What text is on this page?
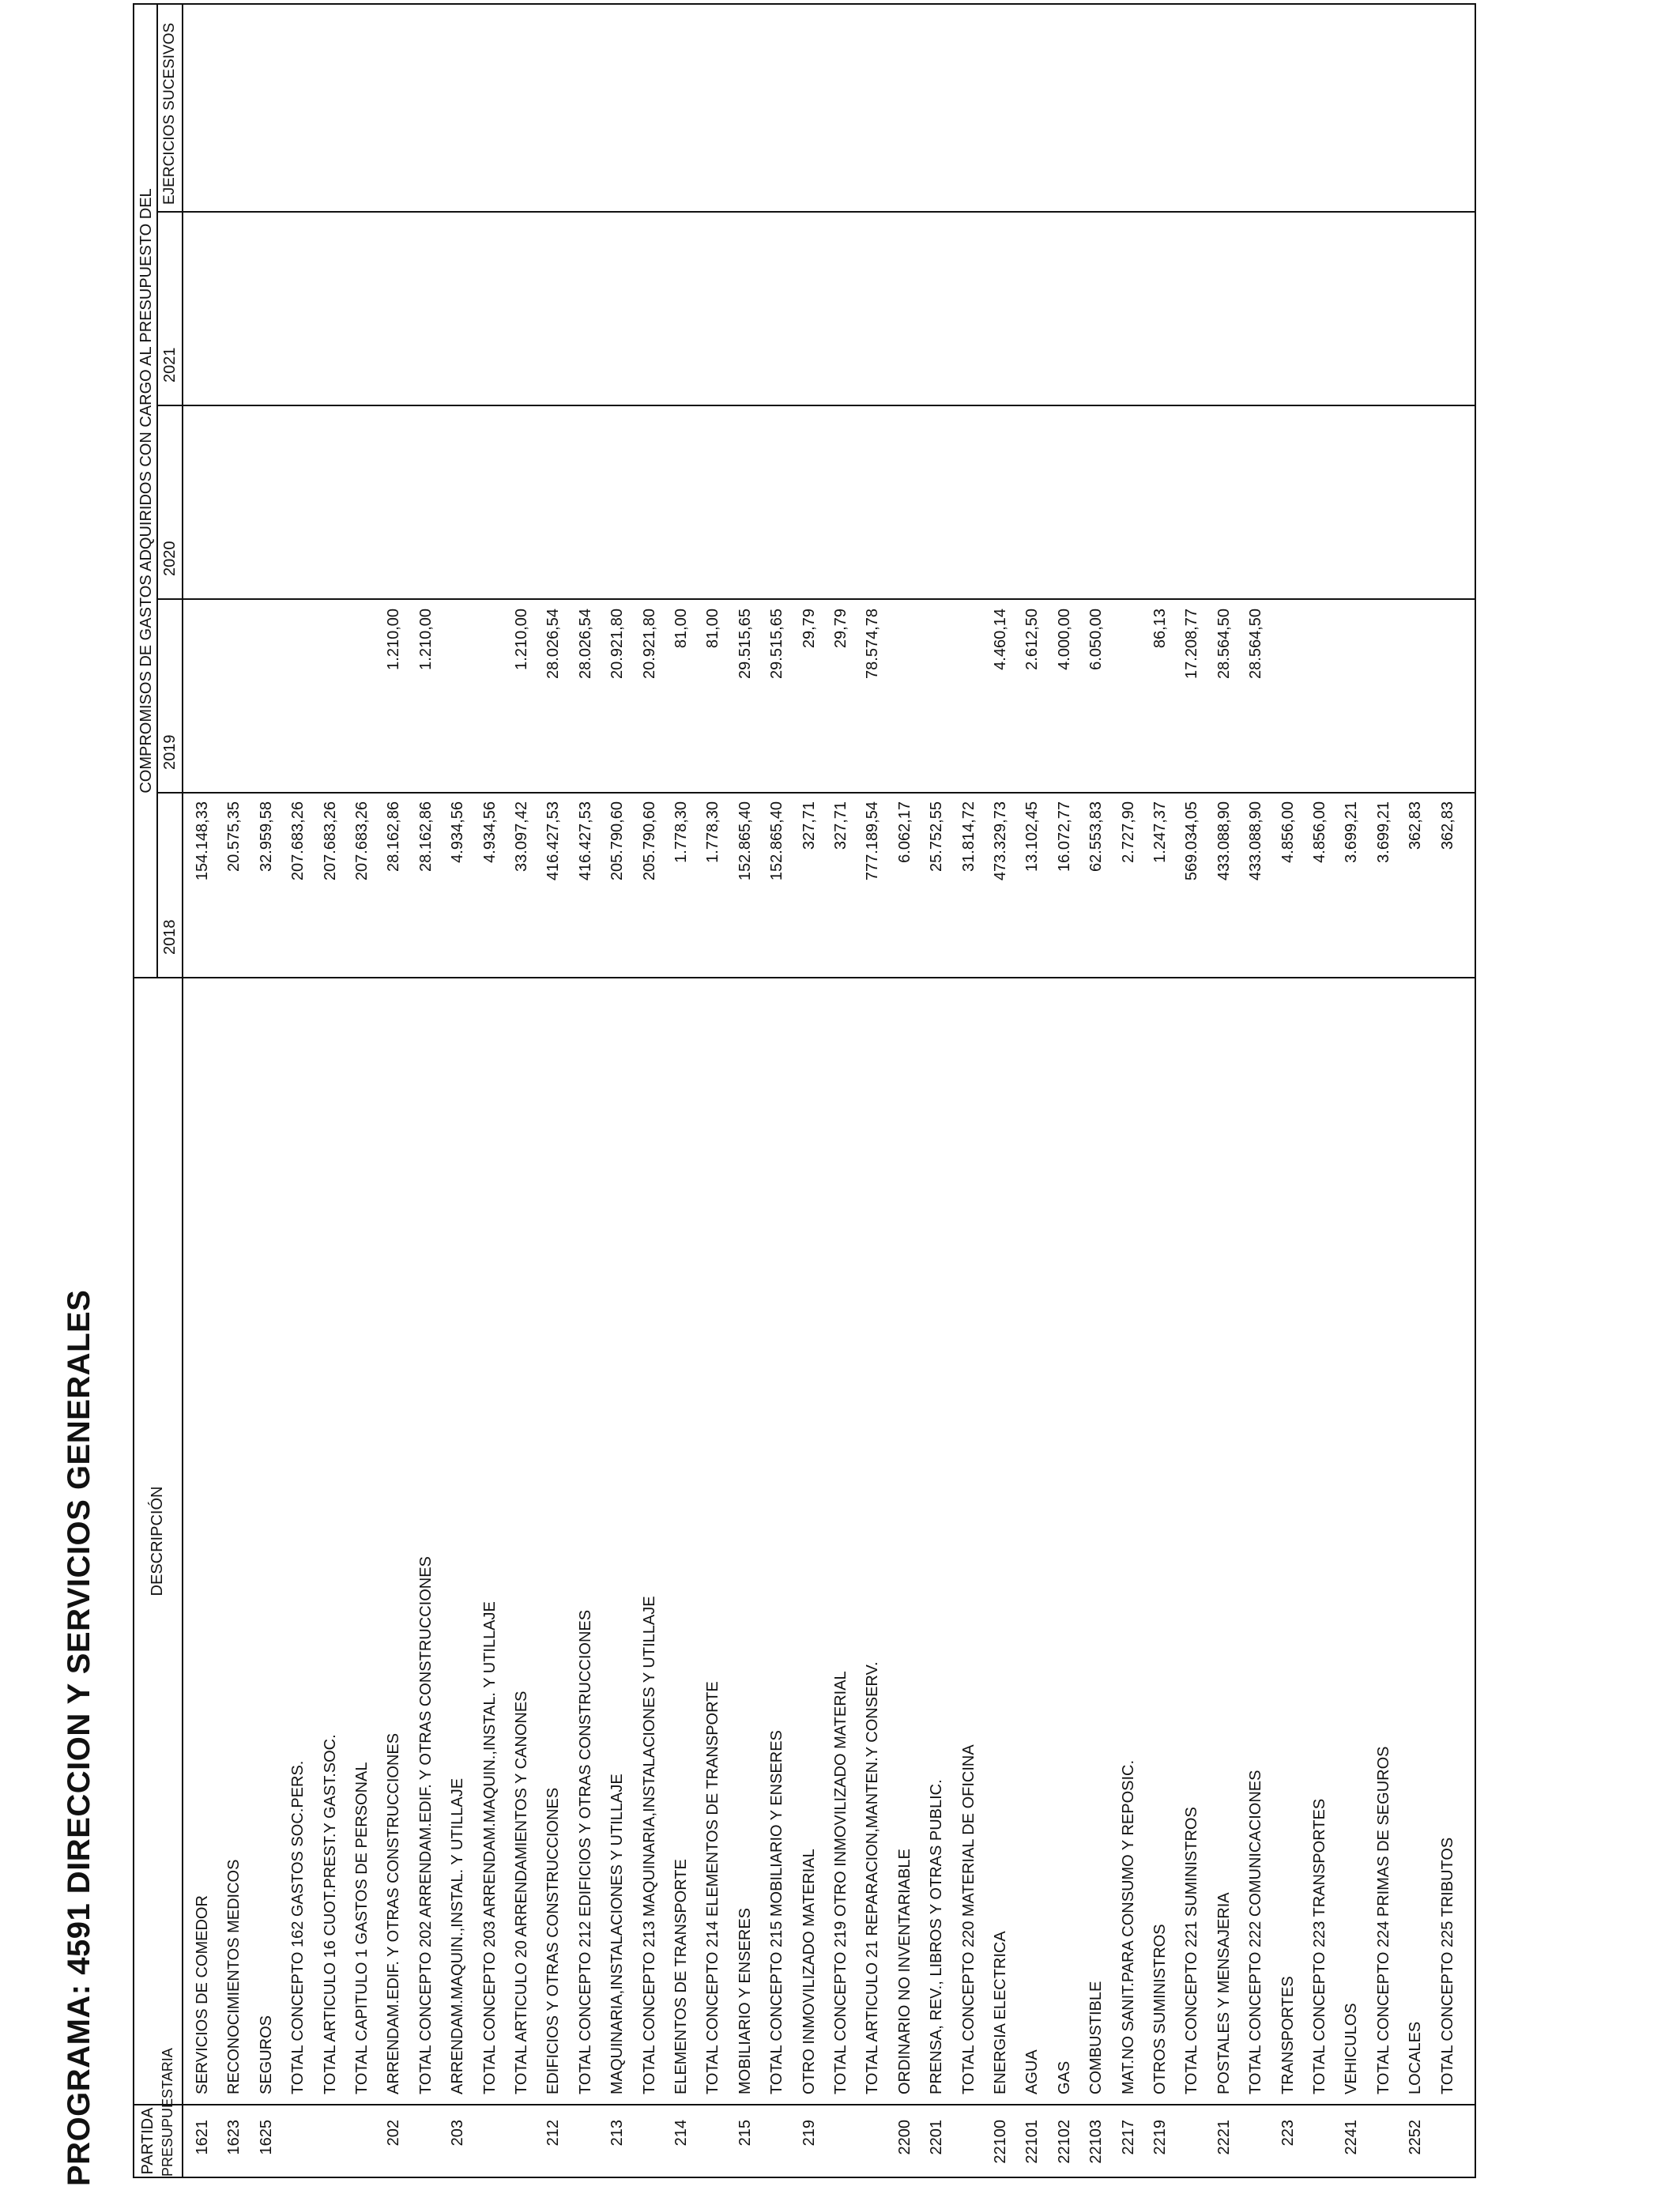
PROGRAMA: 4591 DIRECCION Y SERVICIOS GENERALES	PARTIDA PRESUPUESTARIA
DESCRIPCIÓN
COMPROMISOS DE GASTOS ADQUIRIDOS CON CARGO AL PRESUPUESTO DEL
2018
2019
2020
2021
EJERCICIOS SUCESIVOS
1621
SERVICIOS DE COMEDOR
154.148,33
1623
RECONOCIMIENTOS MEDICOS
20.575,35
1625
SEGUROS
32.959,58
TOTAL CONCEPTO 162 GASTOS SOC.PERS.
207.683,26
TOTAL ARTICULO 16 CUOT.PREST.Y GAST.SOC.
207.683,26
TOTAL CAPITULO 1 GASTOS DE PERSONAL
207.683,26
202
ARRENDAM.EDIF. Y OTRAS CONSTRUCCIONES
28.162,86
1.210,00
TOTAL CONCEPTO 202 ARRENDAM.EDIF. Y OTRAS CONSTRUCCIONES
28.162,86
1.210,00
203
ARRENDAM.MAQUIN.,INSTAL. Y UTILLAJE
4.934,56
TOTAL CONCEPTO 203 ARRENDAM.MAQUIN.,INSTAL. Y UTILLAJE
4.934,56
TOTAL ARTICULO 20 ARRENDAMIENTOS Y CANONES
33.097,42
1.210,00
212
EDIFICIOS Y OTRAS CONSTRUCCIONES
416.427,53
28.026,54
TOTAL CONCEPTO 212 EDIFICIOS Y OTRAS CONSTRUCCIONES
416.427,53
28.026,54
213
MAQUINARIA,INSTALACIONES Y UTILLAJE
205.790,60
20.921,80
TOTAL CONCEPTO 213 MAQUINARIA,INSTALACIONES Y UTILLAJE
205.790,60
20.921,80
214
ELEMENTOS DE TRANSPORTE
1.778,30
81,00
TOTAL CONCEPTO 214 ELEMENTOS DE TRANSPORTE
1.778,30
81,00
215
MOBILIARIO Y ENSERES
152.865,40
29.515,65
TOTAL CONCEPTO 215 MOBILIARIO Y ENSERES
152.865,40
29.515,65
219
OTRO INMOVILIZADO MATERIAL
327,71
29,79
TOTAL CONCEPTO 219 OTRO INMOVILIZADO MATERIAL
327,71
29,79
TOTAL ARTICULO 21 REPARACION,MANTEN.Y CONSERV.
777.189,54
78.574,78
2200
ORDINARIO NO INVENTARIABLE
6.062,17
2201
PRENSA, REV., LIBROS Y OTRAS PUBLIC.
25.752,55
TOTAL CONCEPTO 220 MATERIAL DE OFICINA
31.814,72
22100
ENERGIA ELECTRICA
473.329,73
4.460,14
22101
AGUA
13.102,45
2.612,50
22102
GAS
16.072,77
4.000,00
22103
COMBUSTIBLE
62.553,83
6.050,00
2217
MAT.NO SANIT.PARA CONSUMO Y REPOSIC.
2.727,90
2219
OTROS SUMINISTROS
1.247,37
86,13
TOTAL CONCEPTO 221 SUMINISTROS
569.034,05
17.208,77
2221
POSTALES Y MENSAJERIA
433.088,90
28.564,50
TOTAL CONCEPTO 222 COMUNICACIONES
433.088,90
28.564,50
223
TRANSPORTES
4.856,00
TOTAL CONCEPTO 223 TRANSPORTES
4.856,00
2241
VEHICULOS
3.699,21
TOTAL CONCEPTO 224 PRIMAS DE SEGUROS
3.699,21
2252
LOCALES
362,83
TOTAL CONCEPTO 225 TRIBUTOS
362,83
